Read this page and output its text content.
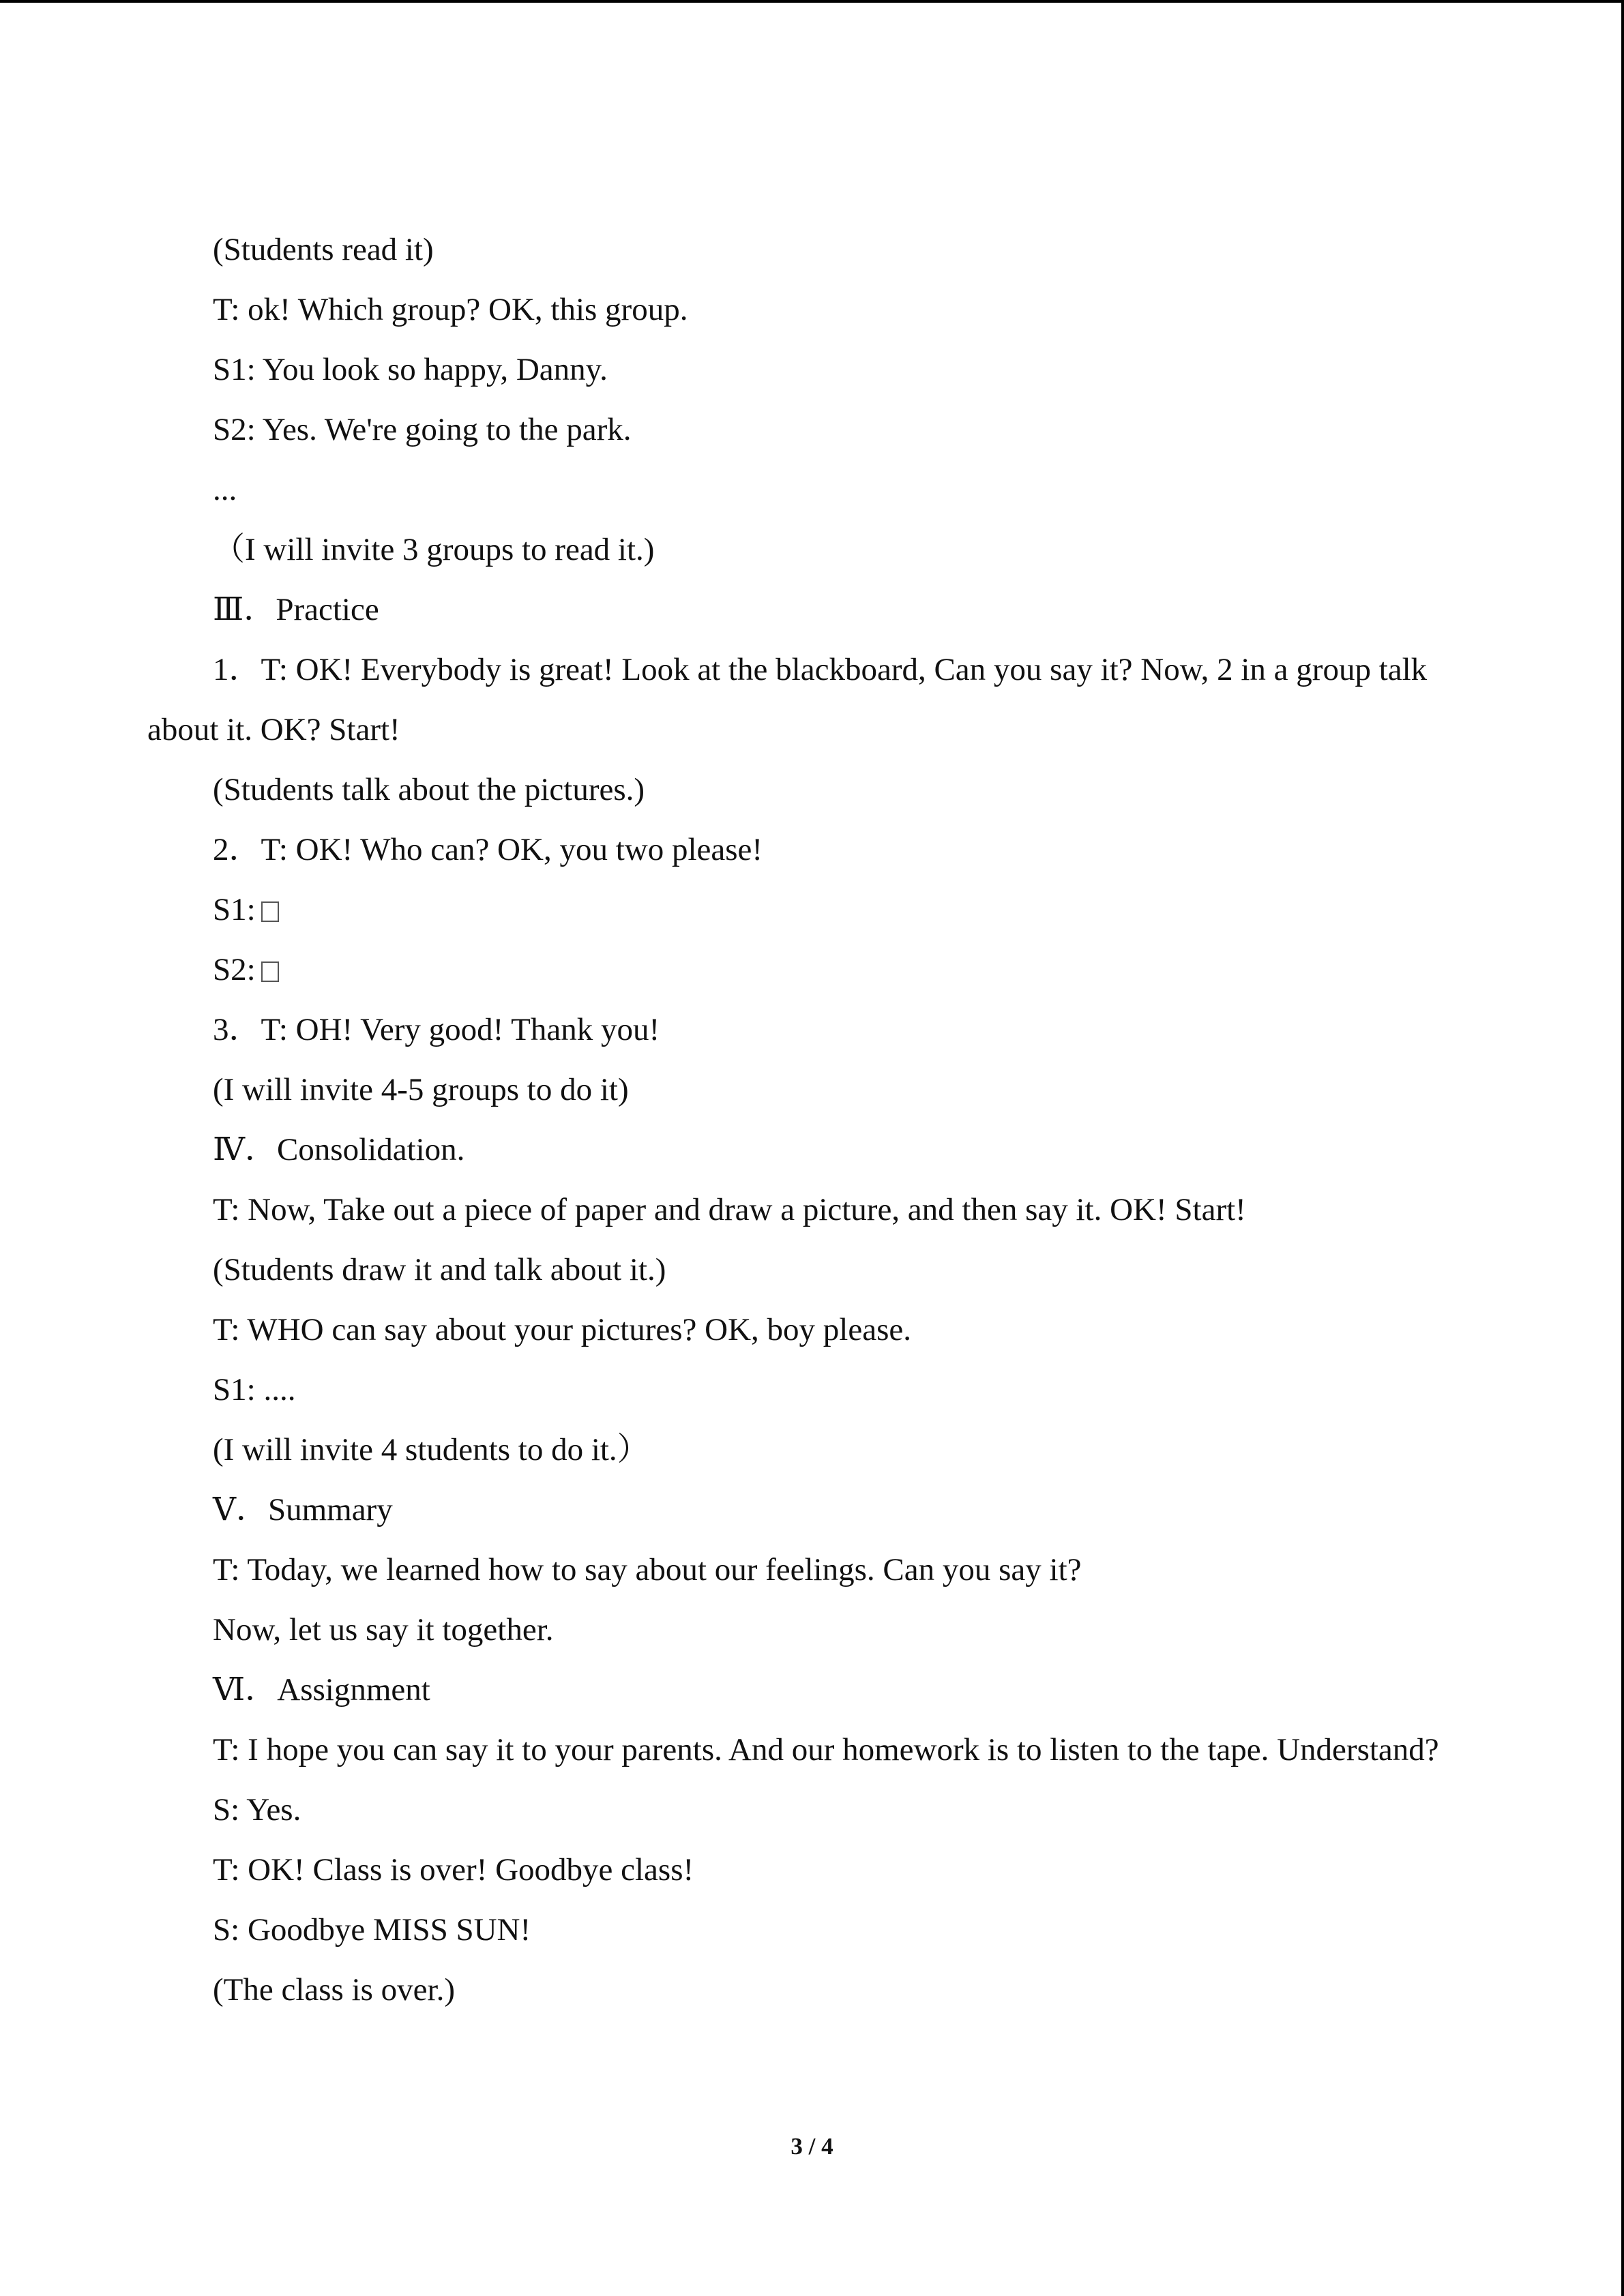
(Students read it)

T: ok! Which group? OK, this group.

S1: You look so happy, Danny.

S2: Yes. We're going to the park.

...

（I will invite 3 groups to read it.)

Ⅲ．Practice

1．T: OK! Everybody is great! Look at the blackboard, Can you say it? Now, 2 in a group talk

about it. OK? Start!

(Students talk about the pictures.)

2．T: OK! Who can? OK, you two please!

S1:

S2:

3．T: OH! Very good! Thank you!

(I will invite 4-5 groups to do it)

Ⅳ．Consolidation.

T: Now, Take out a piece of paper and draw a picture, and then say it. OK! Start!

(Students draw it and talk about it.)

T: WHO can say about your pictures? OK, boy please.

S1: ....

(I will invite 4 students to do it.）

Ⅴ．Summary

T: Today, we learned how to say about our feelings. Can you say it?

Now, let us say it together.

Ⅵ．Assignment

T: I hope you can say it to your parents. And our homework is to listen to the tape. Understand?

S: Yes.

T: OK! Class is over! Goodbye class!

S: Goodbye MISS SUN!

(The class is over.)

3 / 4
